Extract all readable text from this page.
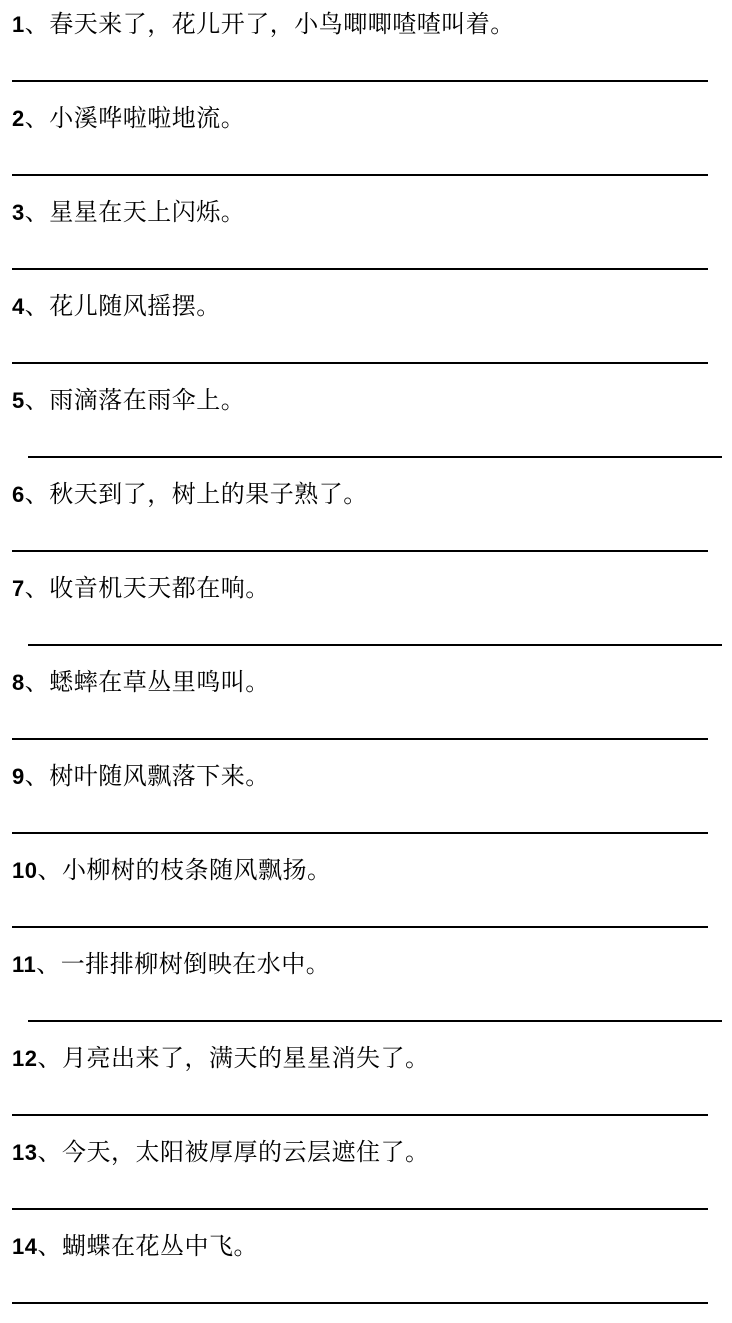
1、春天来了，花儿开了，小鸟唧唧喳喳叫着。
2、小溪哗啦啦地流。
3、星星在天上闪烁。
4、花儿随风摇摆。
5、雨滴落在雨伞上。
6、秋天到了，树上的果子熟了。
7、收音机天天都在响。
8、蟋蟀在草丛里鸣叫。
9、树叶随风飘落下来。
10、小柳树的枝条随风飘扬。
11、一排排柳树倒映在水中。
12、月亮出来了，满天的星星消失了。
13、今天，太阳被厚厚的云层遮住了。
14、蝴蝶在花丛中飞。
